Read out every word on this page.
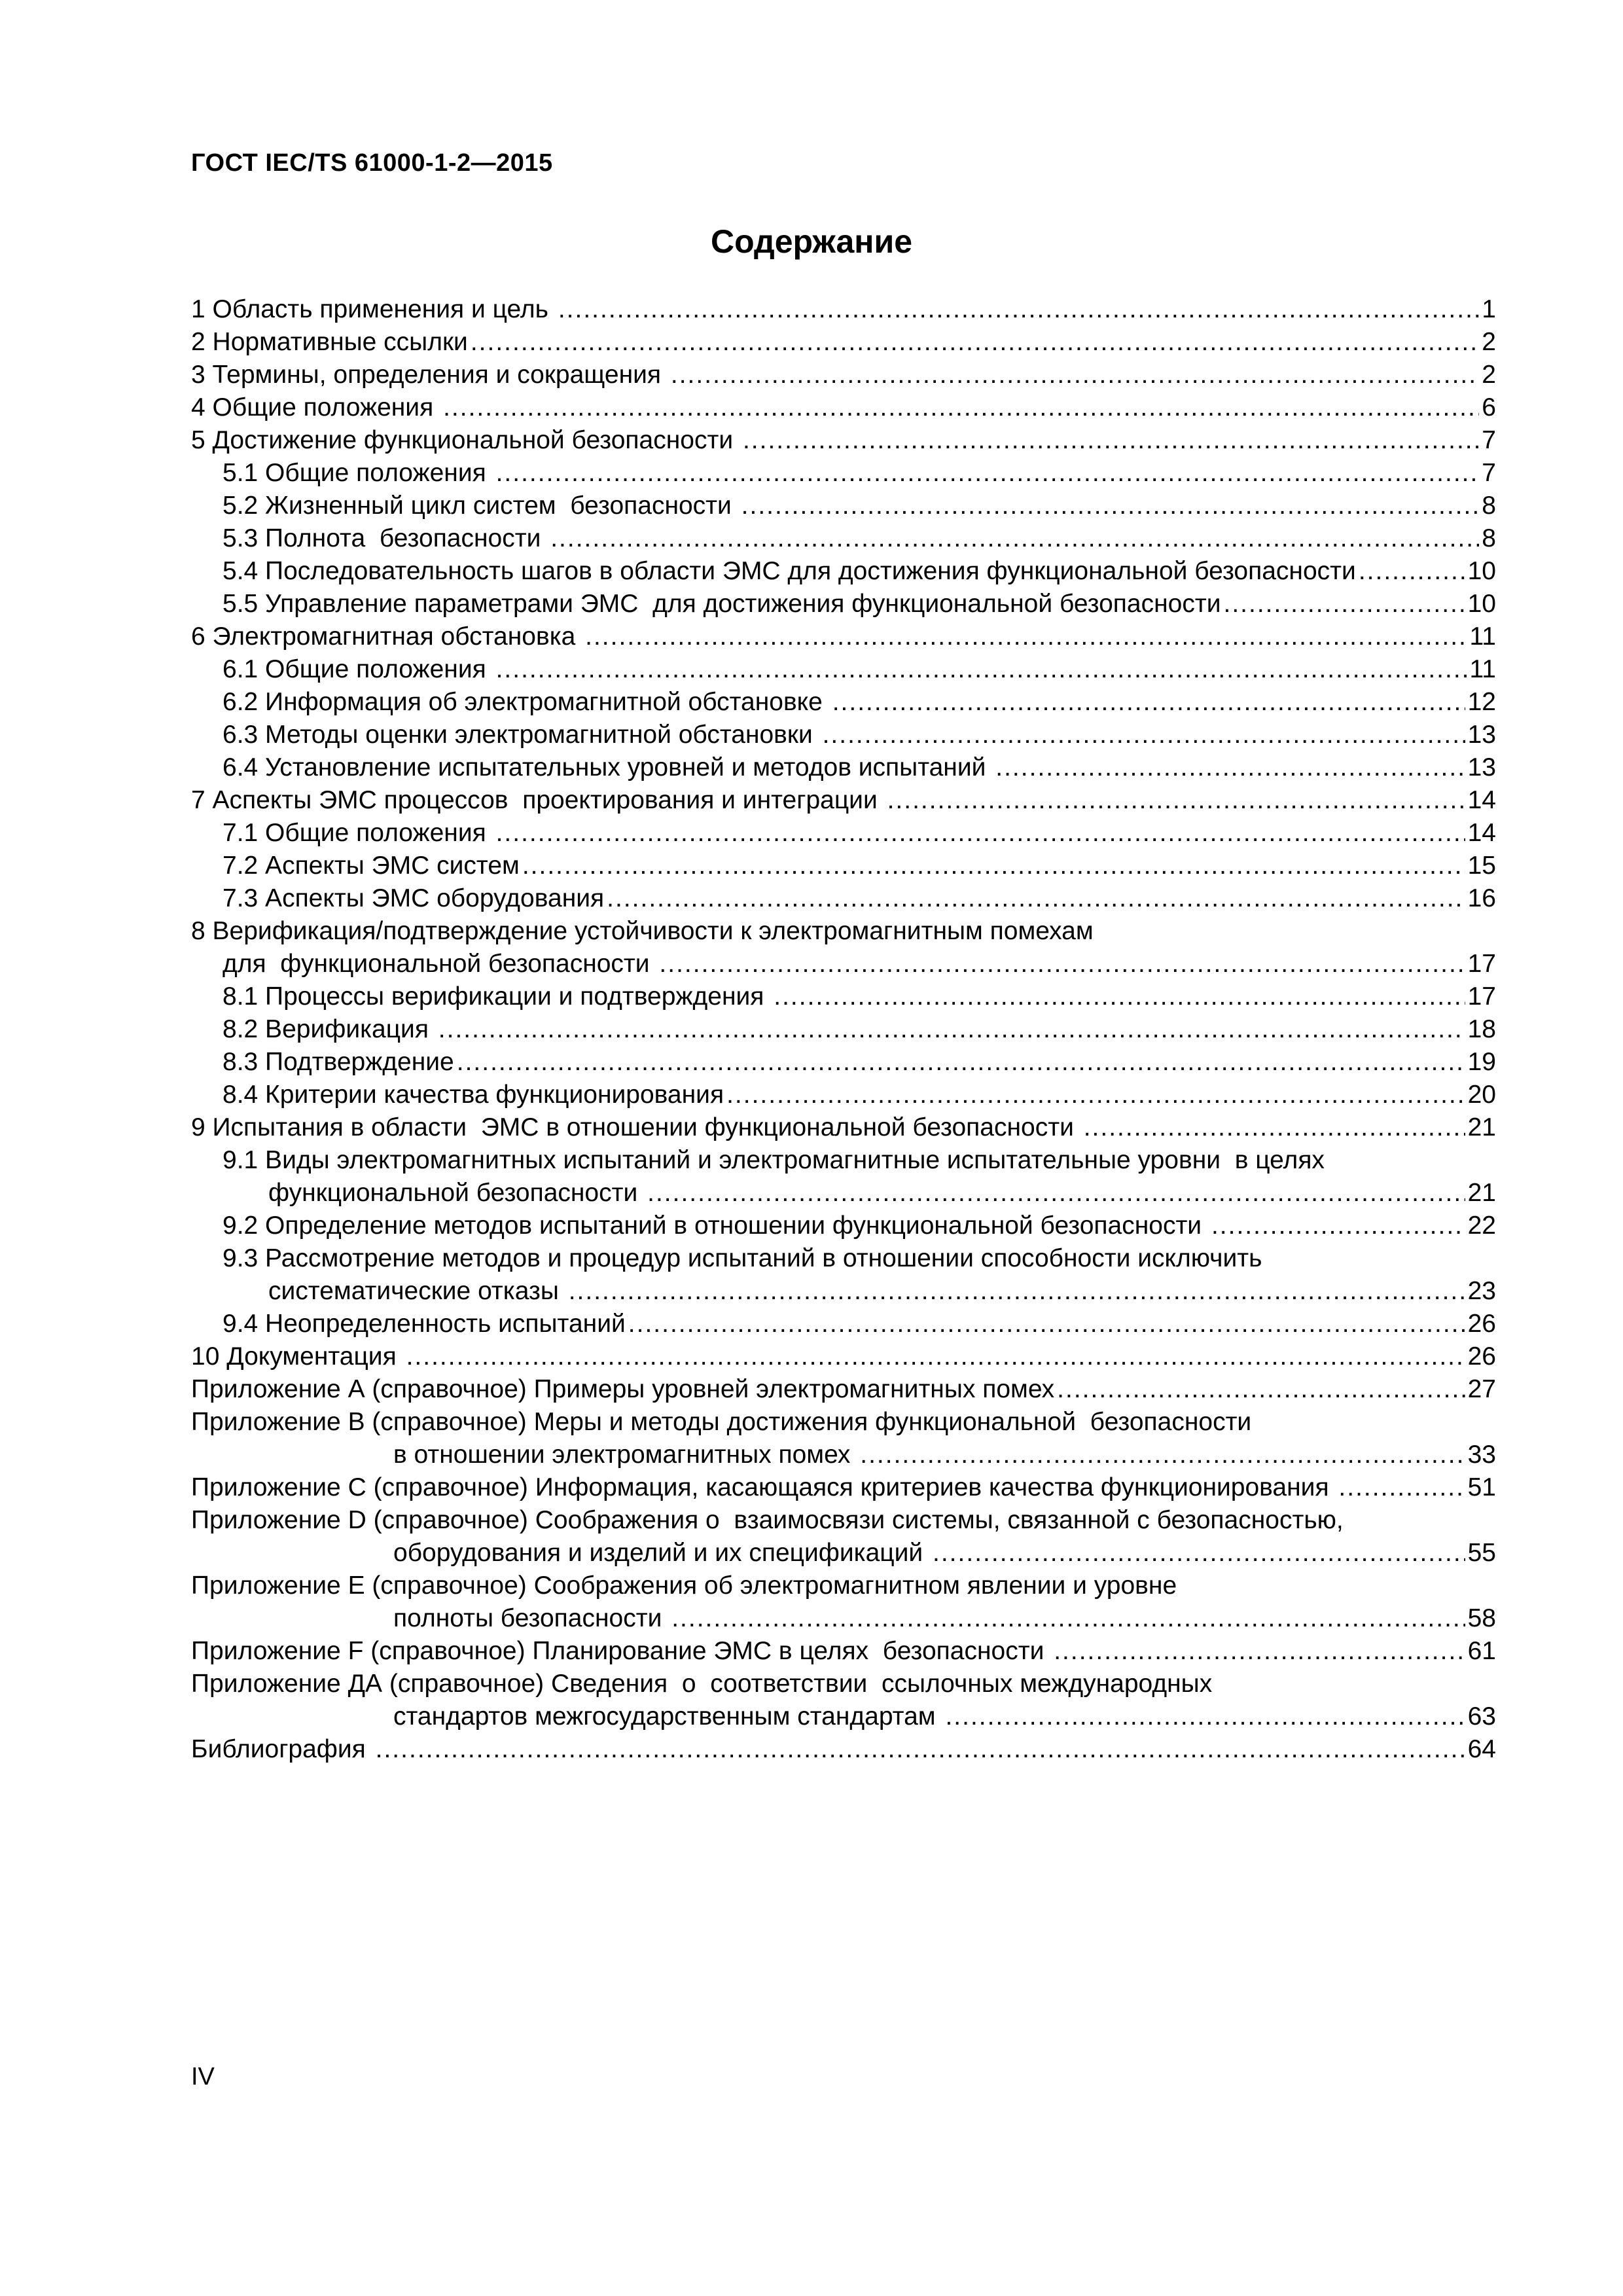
ГОСТ IEC/TS 61000-1-2—2015
Содержание
1 Область применения и цель .....	1
2 Нормативные ссылки .....	2
3 Термины, определения и сокращения .....	2
4 Общие положения .....	6
5 Достижение функциональной безопасности .....	7
5.1 Общие положения .....	7
5.2 Жизненный цикл систем  безопасности .....	8
5.3 Полнота  безопасности .....	8
5.4 Последовательность шагов в области ЭМС для достижения функциональной безопасности .....	10
5.5 Управление параметрами ЭМС  для достижения функциональной безопасности .....	10
6 Электромагнитная обстановка .....	11
6.1 Общие положения .....	11
6.2 Информация об электромагнитной обстановке .....	12
6.3 Методы оценки электромагнитной обстановки .....	13
6.4 Установление испытательных уровней и методов испытаний .....	13
7 Аспекты ЭМС процессов  проектирования и интеграции .....	14
7.1 Общие положения .....	14
7.2 Аспекты ЭМС систем .....	15
7.3 Аспекты ЭМС оборудования .....	16
8 Верификация/подтверждение устойчивости к электромагнитным помехам
для  функциональной безопасности .....	17
8.1 Процессы верификации и подтверждения .....	17
8.2 Верификация .....	18
8.3 Подтверждение .....	19
8.4 Критерии качества функционирования .....	20
9 Испытания в области  ЭМС в отношении функциональной безопасности .....	21
9.1 Виды электромагнитных испытаний и электромагнитные испытательные уровни  в целях
функциональной безопасности .....	21
9.2 Определение методов испытаний в отношении функциональной безопасности .....	22
9.3 Рассмотрение методов и процедур испытаний в отношении способности исключить
систематические отказы .....	23
9.4 Неопределенность испытаний .....	26
10 Документация .....	26
Приложение А (справочное) Примеры уровней электромагнитных помех .....	27
Приложение В (справочное) Меры и методы достижения функциональной  безопасности
в отношении электромагнитных помех .....	33
Приложение С (справочное) Информация, касающаяся критериев качества функционирования .....	51
Приложение D (справочное) Соображения о  взаимосвязи системы, связанной с безопасностью,
оборудования и изделий и их спецификаций .....	55
Приложение Е (справочное) Соображения об электромагнитном явлении и уровне
полноты безопасности .....	58
Приложение F (справочное) Планирование ЭМС в целях  безопасности .....	61
Приложение ДА (справочное) Сведения  о  соответствии  ссылочных международных
стандартов межгосударственным стандартам .....	63
Библиография .....	64
IV
